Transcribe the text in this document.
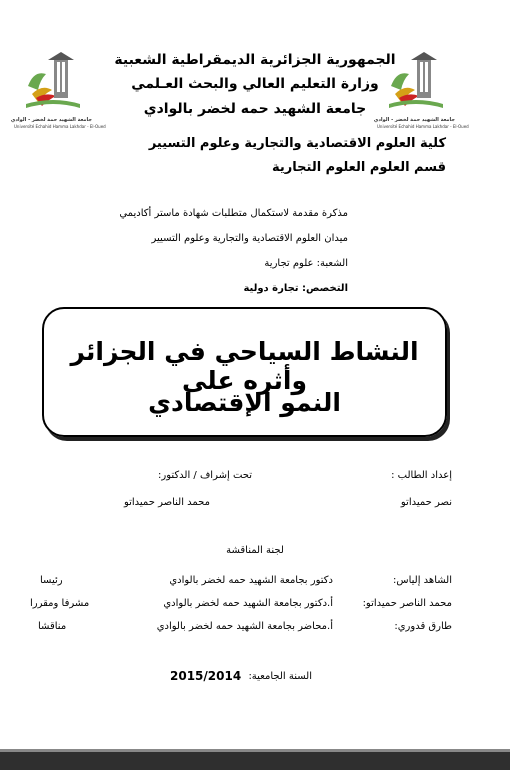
جامعة الشهيد حمة لخضر - الوادي
Université Echahid Hamma Lakhdar - El-Oued
جامعة الشهيد حمة لخضر - الوادي
Université Echahid Hamma Lakhdar - El-Oued
الجمهورية الجزائرية الديمقراطية الشعبية
وزارة التعليم العالي والبحث العـلمي
جامعة الشهيد حمه لخضر بالوادي
كلية العلوم الاقتصادية والتجارية وعلوم التسيير
قسم العلوم العلوم التجارية
مذكرة مقدمة لاستكمال متطلبات شهادة ماستر أكاديمي
ميدان العلوم الاقتصادية والتجارية وعلوم التسيير
الشعبة: علوم تجارية
التخصص: تجارة دولية
النشاط السياحي في الجزائر وأثره على
النمو الإقتصادي
إعداد الطالب :
نصر حميداتو
تحت إشراف / الدكتور:
محمد الناصر حميداتو
لجنة المناقشة
الشاهد إلياس:
دكتور بجامعة الشهيد حمه لخضر بالوادي
رئيسا
محمد الناصر حميداتو:
أ.دكتور بجامعة الشهيد حمه لخضر بالوادي
مشرفا ومقررا
طارق قدوري:
أ.محاضر بجامعة الشهيد حمه لخضر بالوادي
مناقشا
السنة الجامعية:
2015/2014
